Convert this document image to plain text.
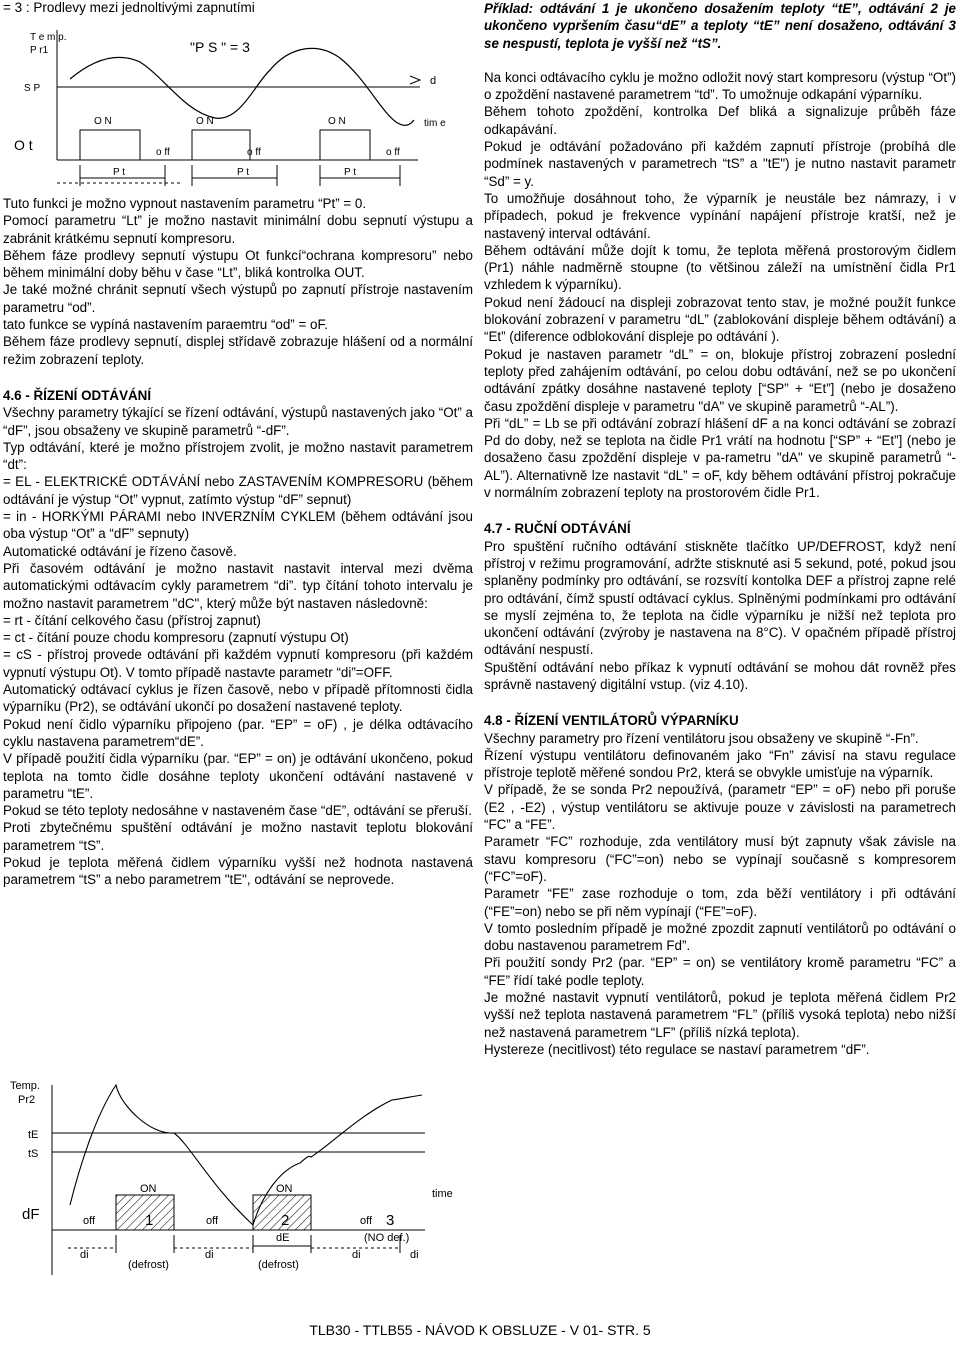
= 3 : Prodlevy mezi jednoltivými zapnutími
T e m p.
P r1	"P S " = 3
S P
O t
d
tim e
O N	O N	O N
o ff	o ff	o ff
P t	P t	P t

Tuto funkci je možno vypnout nastavením parametru “Pt” = 0.

Pomocí parametru “Lt” je možno nastavit minimální dobu sepnutí výstupu a zabránit krátkému sepnutí kompresoru.

Během fáze prodlevy sepnutí výstupu Ot funkcí“ochrana kompresoru” nebo během minimální doby běhu v čase “Lt”, bliká kontrolka OUT.

Je také možné chránit sepnutí všech výstupů po zapnutí přístroje nastavením parametru “od”.

tato funkce se vypíná nastavením paraemtru “od” = oF.

Během fáze prodlevy sepnutí, displej střídavě zobrazuje hlášení od a normální režim zobrazení teploty.

4.6 - ŘÍZENÍ ODTÁVÁNÍ

Všechny parametry týkající se řízení odtávání, výstupů nastavených jako “Ot” a “dF”, jsou obsaženy ve skupině parametrů “-dF”.

Typ odtávání, které je možno přístrojem zvolit, je možno nastavit parametrem “dt”:

= EL - ELEKTRICKÉ ODTÁVÁNÍ nebo ZASTAVENÍM KOMPRESORU (během odtávání je výstup “Ot” vypnut, zatímto výstup “dF” sepnut)

= in - HORKÝMI PÁRAMI nebo INVERZNÍM CYKLEM (během odtávání jsou oba výstup “Ot” a “dF” sepnuty)

Automatické odtávání je řízeno časově.

Při časovém odtávání je možno nastavit nastavit interval mezi dvěma automatickými odtávacím cykly parametrem “di”. typ čítání tohoto intervalu je možno nastavit parametrem "dC", který může být nastaven následovně:

= rt - čítání celkového času (přístroj zapnut)

= ct - čítání pouze chodu kompresoru (zapnutí výstupu Ot)

= cS - přístroj provede odtávání při každém vypnutí kompresoru (při každém vypnutí výstupu Ot). V tomto případě nastavte parametr “di”=OFF.

Automatický odtávací cyklus je řízen časově, nebo v případě přítomnosti čidla výparníku (Pr2), se odtávání ukončí po dosažení nastavené teploty.

Pokud není čidlo výparníku připojeno (par. “EP” = oF) , je délka odtávacího cyklu nastavena parametrem“dE”.

V případě použití čidla výparníku (par. “EP” = on) je odtávání ukončeno, pokud teplota na tomto čidle dosáhne teploty ukončení odtávání nastavené v parametru “tE”.

Pokud se této teploty nedosáhne v nastaveném čase “dE”, odtávání se přeruší.

Proti zbytečnému spuštění odtávání je možno nastavit teplotu blokování parametrem “tS”.

Pokud je teplota měřená čidlem výparníku vyšší než hodnota nastavená parametrem “tS” a nebo parametrem "tE", odtávání se neprovede.

Temp.
Pr2
tE
tS
dF
time
ON	ON
off	off	off
1	2	3
dE	(NO def.)
di	di	di	di
(defrost)	(defrost)

Příklad: odtávání 1 je ukončeno dosažením teploty “tE”, odtávání 2 je ukončeno vypršením času“dE” a teploty “tE” není dosaženo, odtávání 3 se nespustí, teplota je vyšší než “tS”.

Na konci odtávacího cyklu je možno odložit nový start kompresoru (výstup “Ot”) o zpoždění nastavené parametrem “td”. To umožnuje odkapání výparníku.

Během tohoto zpoždění, kontrolka Def bliká a signalizuje průběh fáze odkapávání.

Pokud je odtávání požadováno při každém zapnutí přístroje (probíhá dle podmínek nastavených v parametrech “tS” a "tE") je nutno nastavit parametr “Sd” = y.

To umožňuje dosáhnout toho, že výparník je neustále bez námrazy, i v případech, pokud je frekvence vypínání napájení přístroje kratší, než je nastavený interval odtávání.

Během odtávání může dojít k tomu, že teplota měřená prostorovým čidlem (Pr1) náhle nadměrně stoupne (to většinou záleží na umístnění čidla Pr1 vzhledem k výparníku).

Pokud není žádoucí na displeji zobrazovat tento stav, je možné použít funkce blokování zobrazení v parametru “dL” (zablokování displeje během odtávání) a “Et” (diference odblokování displeje po odtávání ).

Pokud je nastaven parametr “dL” = on, blokuje přístroj zobrazení poslední teploty před zahájením odtávání, po celou dobu odtávání, než se po ukončení odtávání zpátky dosáhne nastavené teploty [“SP” + “Et”] (nebo je dosaženo času zpoždění displeje v parametru "dA" ve skupině parametrů “-AL”).

Při “dL” = Lb se při odtávání zobrazí hlášení dF a na konci odtávání se zobrazí Pd do doby, než se teplota na čidle Pr1 vrátí na hodnotu [“SP” + “Et”] (nebo je dosaženo času zpoždění displeje v pa-rametru "dA" ve skupině parametrů “-AL”). Alternativně lze nastavit “dL” = oF, kdy během odtávání přístroj pokračuje v normálním zobrazení teploty na prostorovém čidle Pr1.

4.7 - RUČNÍ ODTÁVÁNÍ

Pro spuštění ručního odtávání stiskněte tlačítko UP/DEFROST, když není přístroj v režimu programování, adržte stisknuté asi 5 sekund, poté, pokud jsou splaněny podmínky pro odtávání, se rozsvítí kontolka DEF a přístroj zapne relé pro odtávání, čímž spustí odtávací cyklus. Splněnými podmínkami pro odtávání se myslí zejména to, že teplota na čidle výparníku je nižší než teplota pro ukončení odtávání (zvýroby je nastavena na 8°C). V opačném případě přístroj odtávání nespustí.

Spuštění odtávání nebo příkaz k vypnutí odtávání se mohou dát rovněž přes správně nastavený digitální vstup. (viz 4.10).

4.8 - ŘÍZENÍ VENTILÁTORŮ VÝPARNÍKU

Všechny parametry pro řízení ventilátoru jsou obsaženy ve skupině “-Fn”.

Řízení výstupu ventilátoru definovaném jako “Fn” závisí na stavu regulace přístroje teplotě měřené sondou Pr2, která se obvykle umisťuje na výparník.

V případě, že se sonda Pr2 nepoužívá, (parametr “EP” = oF) nebo při poruše (E2 , -E2) , výstup ventilátoru se aktivuje pouze v závislosti na parametrech “FC” a “FE”.

Parametr “FC” rozhoduje, zda ventilátory musí být zapnuty však závisle na stavu kompresoru (“FC”=on) nebo se vypínají současně s kompresorem (“FC”=oF).

Parametr “FE” zase rozhoduje o tom, zda běží ventilátory i při odtávání (“FE”=on) nebo se při něm vypínají (“FE”=oF).

V tomto posledním případě je možné zpozdit zapnutí ventilátorů po odtávání o dobu nastavenou parametrem Fd”.

Při použití sondy Pr2 (par. “EP” = on) se ventilátory kromě parametru “FC” a “FE” řídí také podle teploty.

Je možné nastavit vypnutí ventilátorů, pokud je teplota měřená čidlem Pr2 vyšší než teplota nastavená parametrem “FL” (příliš vysoká teplota) nebo nižší než nastavená parametrem “LF” (příliš nízká teplota).

Hystereze (necitlivost) této regulace se nastaví parametrem “dF”.

TLB30 - TTLB55 - NÁVOD K OBSLUZE - V 01- STR. 5
